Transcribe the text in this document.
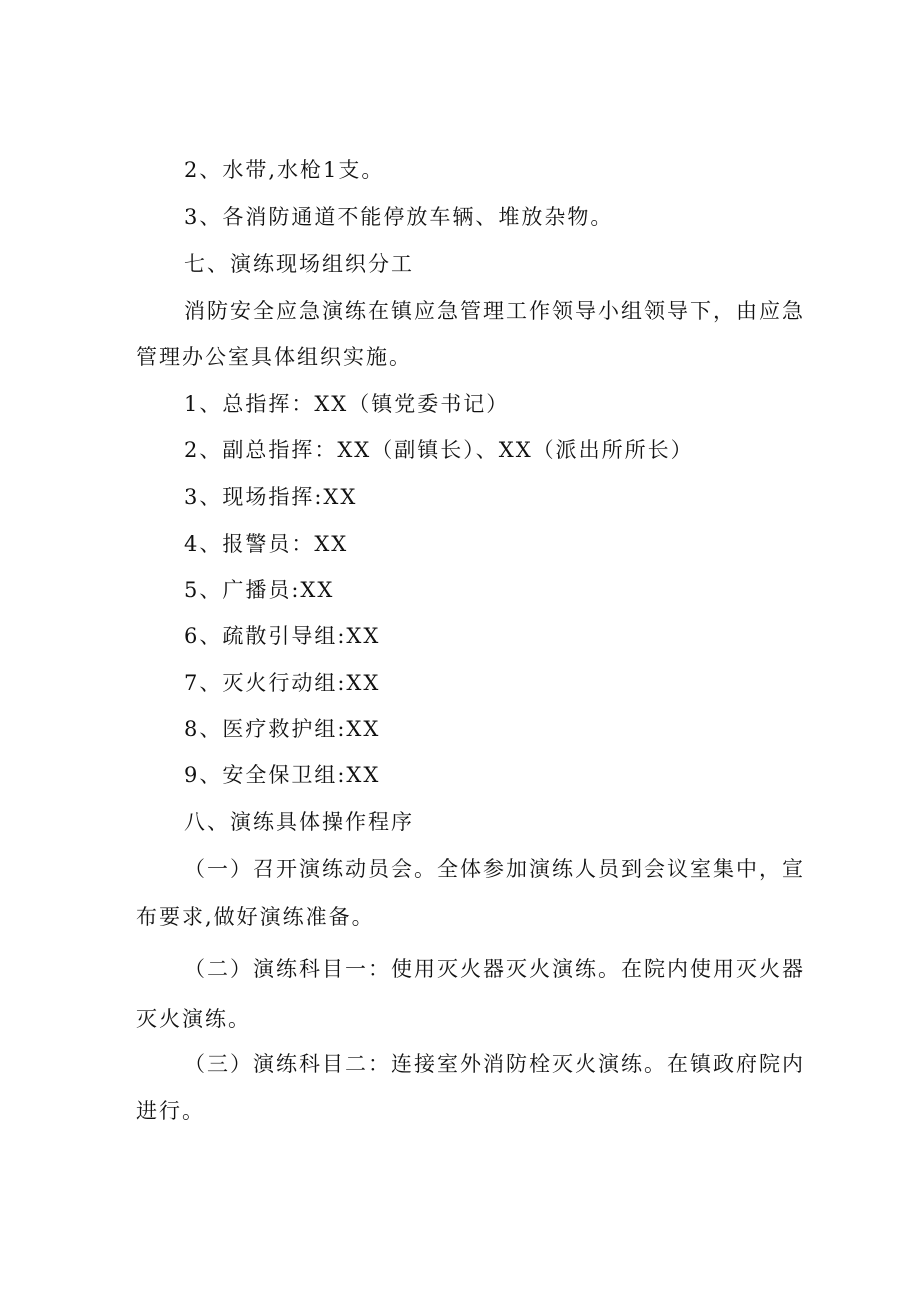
2、水带,水枪1支。
3、各消防通道不能停放车辆、堆放杂物。
七、演练现场组织分工
消防安全应急演练在镇应急管理工作领导小组领导下，由应急
管理办公室具体组织实施。
1、总指挥：XX（镇党委书记）
2、副总指挥：XX（副镇长）、XX（派出所所长）
3、现场指挥:XX
4、报警员：XX
5、广播员:XX
6、疏散引导组:XX
7、灭火行动组:XX
8、医疗救护组:XX
9、安全保卫组:XX
八、演练具体操作程序
（一）召开演练动员会。全体参加演练人员到会议室集中，宣
布要求,做好演练准备。
（二）演练科目一：使用灭火器灭火演练。在院内使用灭火器
灭火演练。
（三）演练科目二：连接室外消防栓灭火演练。在镇政府院内
进行。
